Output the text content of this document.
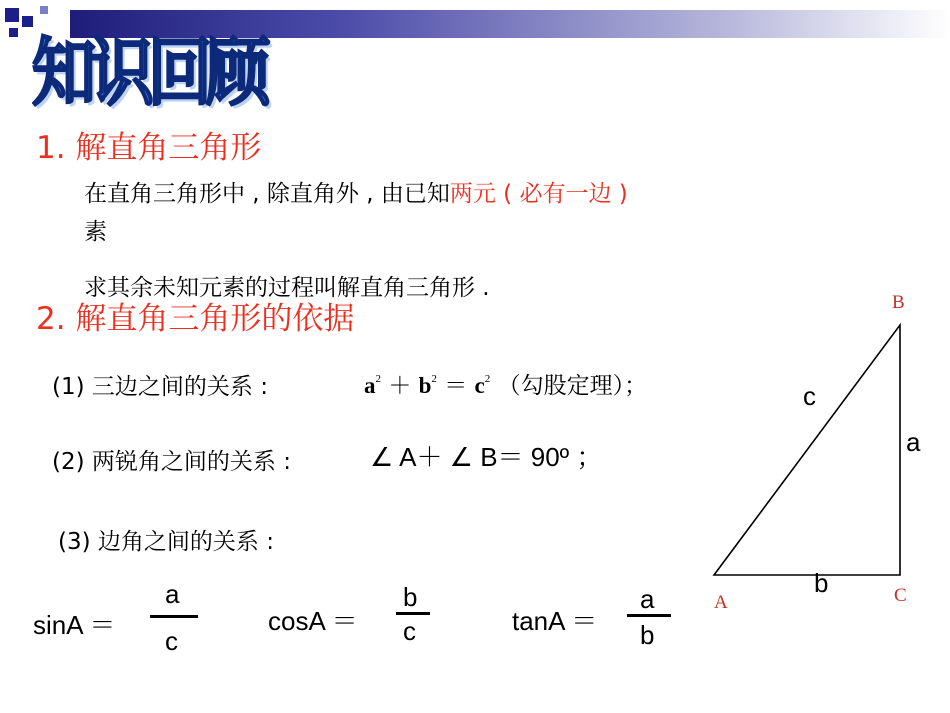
知识回顾
1. 解直角三角形
在直角三角形中 , 除直角外 , 由已知两元 ( 必有一边 )
素
求其余未知元素的过程叫解直角三角形 .
2. 解直角三角形的依据
(1) 三边之间的关系 :	$a^2 + b^2 = c^2$ （勾股定理）；
(2) 两锐角之间的关系 :	∠ A＋ ∠ B＝ 90º ；
(3) 边角之间的关系 :
sinA ＝
a
c
cosA ＝
b
c	tanA ＝
a
b
B
A	C
c
a
b
